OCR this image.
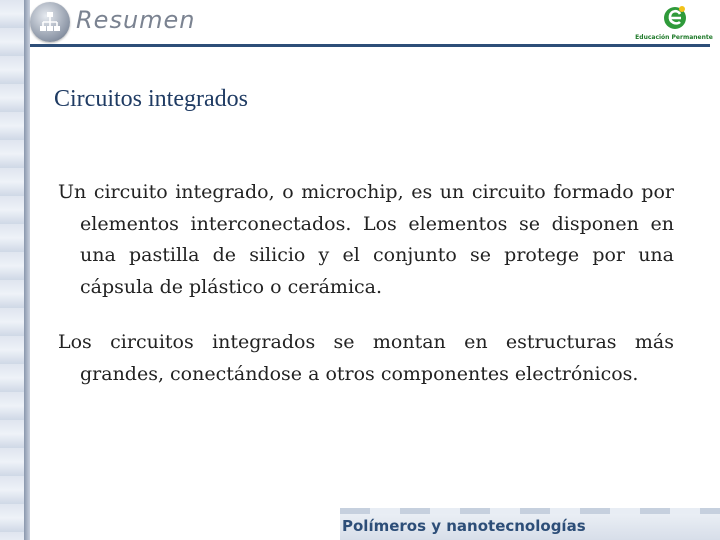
Resumen
Educación Permanente
Circuitos integrados

Un circuito integrado, o microchip, es un circuito formado por elementos interconectados. Los elementos se disponen en una pastilla de silicio y el conjunto se protege por una cápsula de plástico o cerámica.

Los circuitos integrados se montan en estructuras más grandes, conectándose a otros componentes electrónicos.

Polímeros y nanotecnologías
